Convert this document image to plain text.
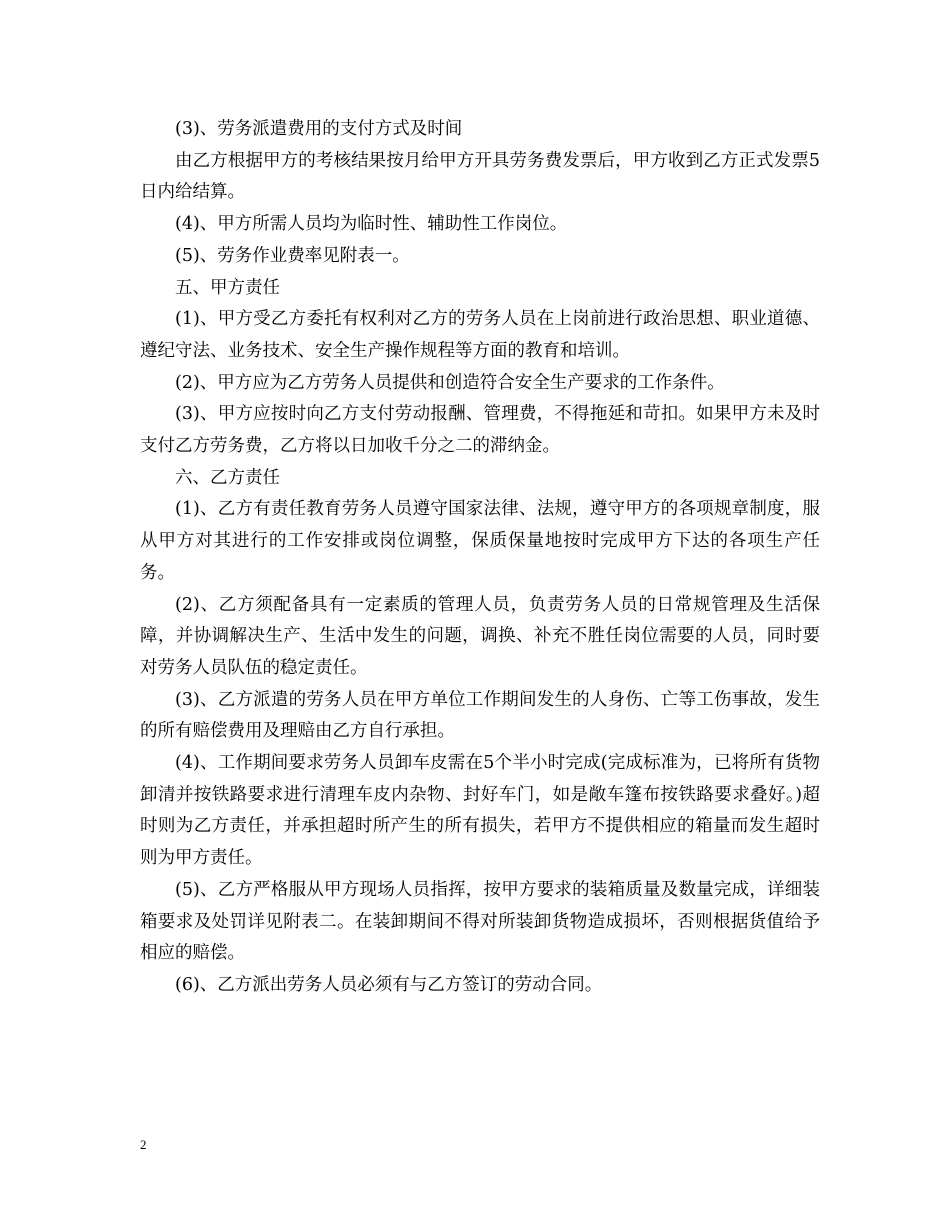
(3)、劳务派遣费用的支付方式及时间

由乙方根据甲方的考核结果按月给甲方开具劳务费发票后，甲方收到乙方正式发票5日内给结算。

(4)、甲方所需人员均为临时性、辅助性工作岗位。

(5)、劳务作业费率见附表一。

五、甲方责任

(1)、甲方受乙方委托有权利对乙方的劳务人员在上岗前进行政治思想、职业道德、遵纪守法、业务技术、安全生产操作规程等方面的教育和培训。

(2)、甲方应为乙方劳务人员提供和创造符合安全生产要求的工作条件。

(3)、甲方应按时向乙方支付劳动报酬、管理费，不得拖延和苛扣。如果甲方未及时支付乙方劳务费，乙方将以日加收千分之二的滞纳金。

六、乙方责任

(1)、乙方有责任教育劳务人员遵守国家法律、法规，遵守甲方的各项规章制度，服从甲方对其进行的工作安排或岗位调整，保质保量地按时完成甲方下达的各项生产任务。

(2)、乙方须配备具有一定素质的管理人员，负责劳务人员的日常规管理及生活保障，并协调解决生产、生活中发生的问题，调换、补充不胜任岗位需要的人员，同时要对劳务人员队伍的稳定责任。

(3)、乙方派遣的劳务人员在甲方单位工作期间发生的人身伤、亡等工伤事故，发生的所有赔偿费用及理赔由乙方自行承担。

(4)、工作期间要求劳务人员卸车皮需在5个半小时完成(完成标准为，已将所有货物卸清并按铁路要求进行清理车皮内杂物、封好车门，如是敞车篷布按铁路要求叠好。)超时则为乙方责任，并承担超时所产生的所有损失，若甲方不提供相应的箱量而发生超时则为甲方责任。

(5)、乙方严格服从甲方现场人员指挥，按甲方要求的装箱质量及数量完成，详细装箱要求及处罚详见附表二。在装卸期间不得对所装卸货物造成损坏，否则根据货值给予相应的赔偿。

(6)、乙方派出劳务人员必须有与乙方签订的劳动合同。

2
